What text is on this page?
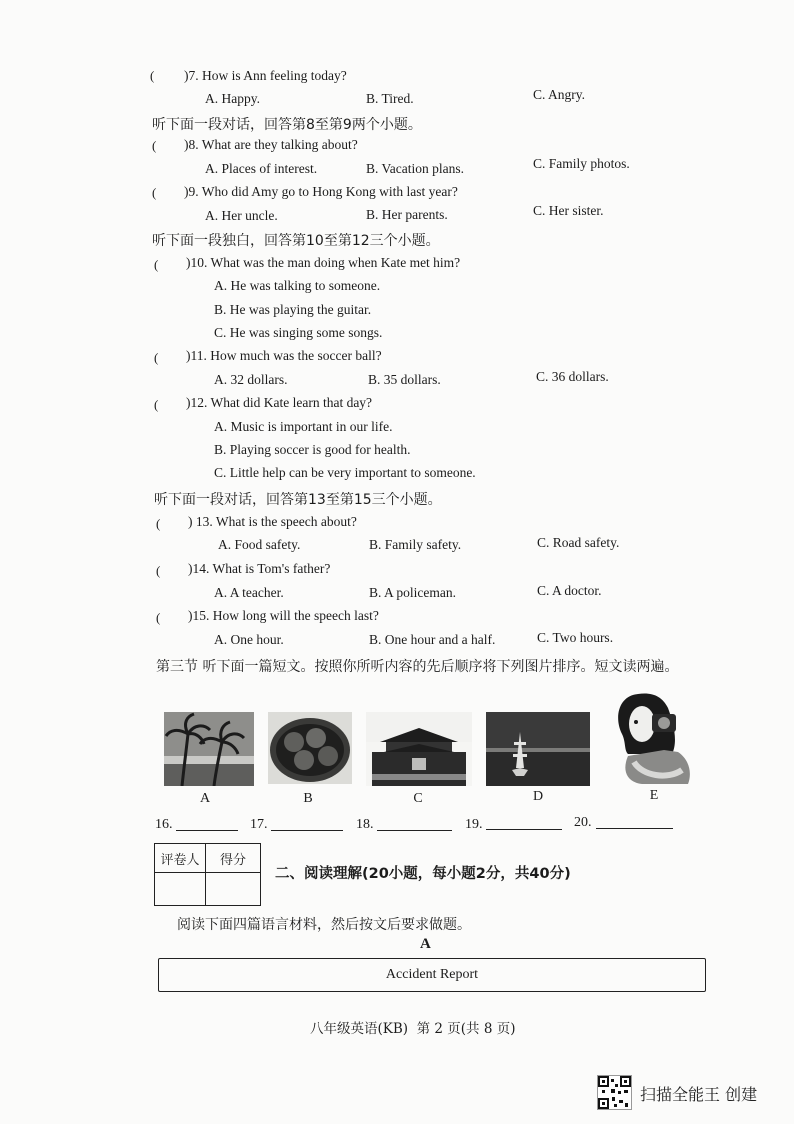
( )7. How is Ann feeling today?
A. Happy.	B. Tired.	C. Angry.
听下面一段对话，回答第8至第9两个小题。
( )8. What are they talking about?
A. Places of interest.	B. Vacation plans.	C. Family photos.
( )9. Who did Amy go to Hong Kong with last year?
A. Her uncle.	B. Her parents.	C. Her sister.
听下面一段独白，回答第10至第12三个小题。
( )10. What was the man doing when Kate met him?
A. He was talking to someone.
B. He was playing the guitar.
C. He was singing some songs.
( )11. How much was the soccer ball?
A. 32 dollars.	B. 35 dollars.	C. 36 dollars.
( )12. What did Kate learn that day?
A. Music is important in our life.
B. Playing soccer is good for health.
C. Little help can be very important to someone.
听下面一段对话，回答第13至第15三个小题。
( ) 13. What is the speech about?
A. Food safety.	B. Family safety.	C. Road safety.
( )14. What is Tom's father?
A. A teacher.	B. A policeman.	C. A doctor.
( )15. How long will the speech last?
A. One hour.	B. One hour and a half.	C. Two hours.
第三节 听下面一篇短文。按照你所听内容的先后顺序将下列图片排序。短文读两遍。
A	B	C	D	E
16.	17.	18.	19.	20.
评卷人	得分

二、阅读理解(20小题，每小题2分，共40分)
阅读下面四篇语言材料，然后按文后要求做题。
A
Accident Report
八年级英语(KB)  第 2 页(共 8 页)
扫描全能王 创建
